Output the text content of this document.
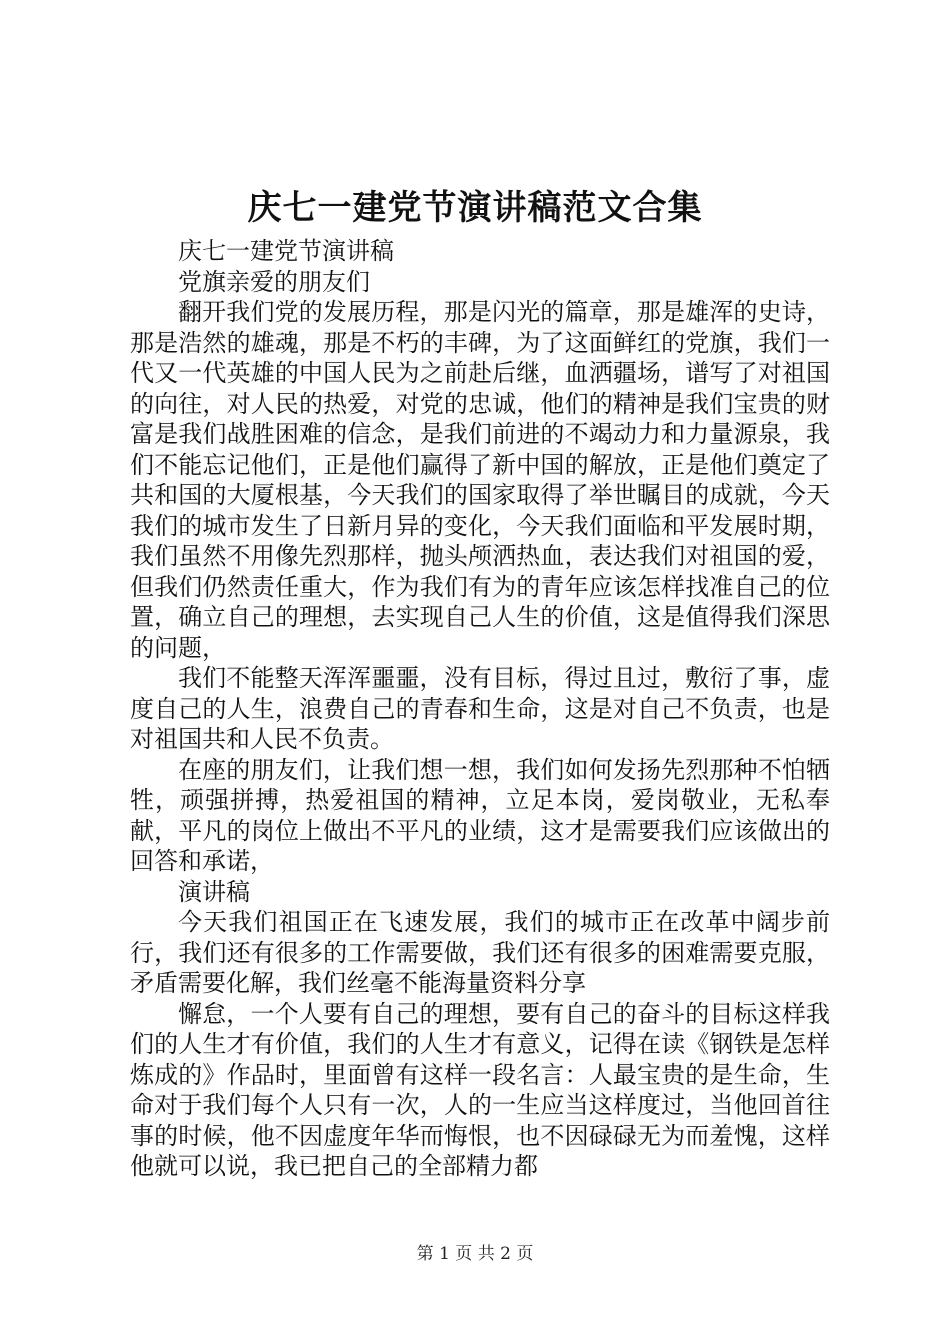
庆七一建党节演讲稿范文合集
庆七一建党节演讲稿
党旗亲爱的朋友们

翻开我们党的发展历程，那是闪光的篇章，那是雄浑的史诗，那是浩然的雄魂，那是不朽的丰碑，为了这面鲜红的党旗，我们一代又一代英雄的中国人民为之前赴后继，血洒疆场，谱写了对祖国的向往，对人民的热爱，对党的忠诚，他们的精神是我们宝贵的财富是我们战胜困难的信念，是我们前进的不竭动力和力量源泉，我们不能忘记他们，正是他们赢得了新中国的解放，正是他们奠定了共和国的大厦根基，今天我们的国家取得了举世瞩目的成就，今天我们的城市发生了日新月异的变化，今天我们面临和平发展时期，我们虽然不用像先烈那样，抛头颅洒热血，表达我们对祖国的爱，但我们仍然责任重大，作为我们有为的青年应该怎样找准自己的位置，确立自己的理想，去实现自己人生的价值，这是值得我们深思的问题，

我们不能整天浑浑噩噩，没有目标，得过且过，敷衍了事，虚度自己的人生，浪费自己的青春和生命，这是对自己不负责，也是对祖国共和人民不负责。

在座的朋友们，让我们想一想，我们如何发扬先烈那种不怕牺牲，顽强拼搏，热爱祖国的精神，立足本岗，爱岗敬业，无私奉献，平凡的岗位上做出不平凡的业绩，这才是需要我们应该做出的回答和承诺，

演讲稿

今天我们祖国正在飞速发展，我们的城市正在改革中阔步前行，我们还有很多的工作需要做，我们还有很多的困难需要克服，矛盾需要化解，我们丝毫不能海量资料分享

懈怠，一个人要有自己的理想，要有自己的奋斗的目标这样我们的人生才有价值，我们的人生才有意义，记得在读《钢铁是怎样炼成的》作品时，里面曾有这样一段名言：人最宝贵的是生命，生命对于我们每个人只有一次，人的一生应当这样度过，当他回首往事的时候，他不因虚度年华而悔恨，也不因碌碌无为而羞愧，这样他就可以说，我已把自己的全部精力都

第 1 页 共 2 页
